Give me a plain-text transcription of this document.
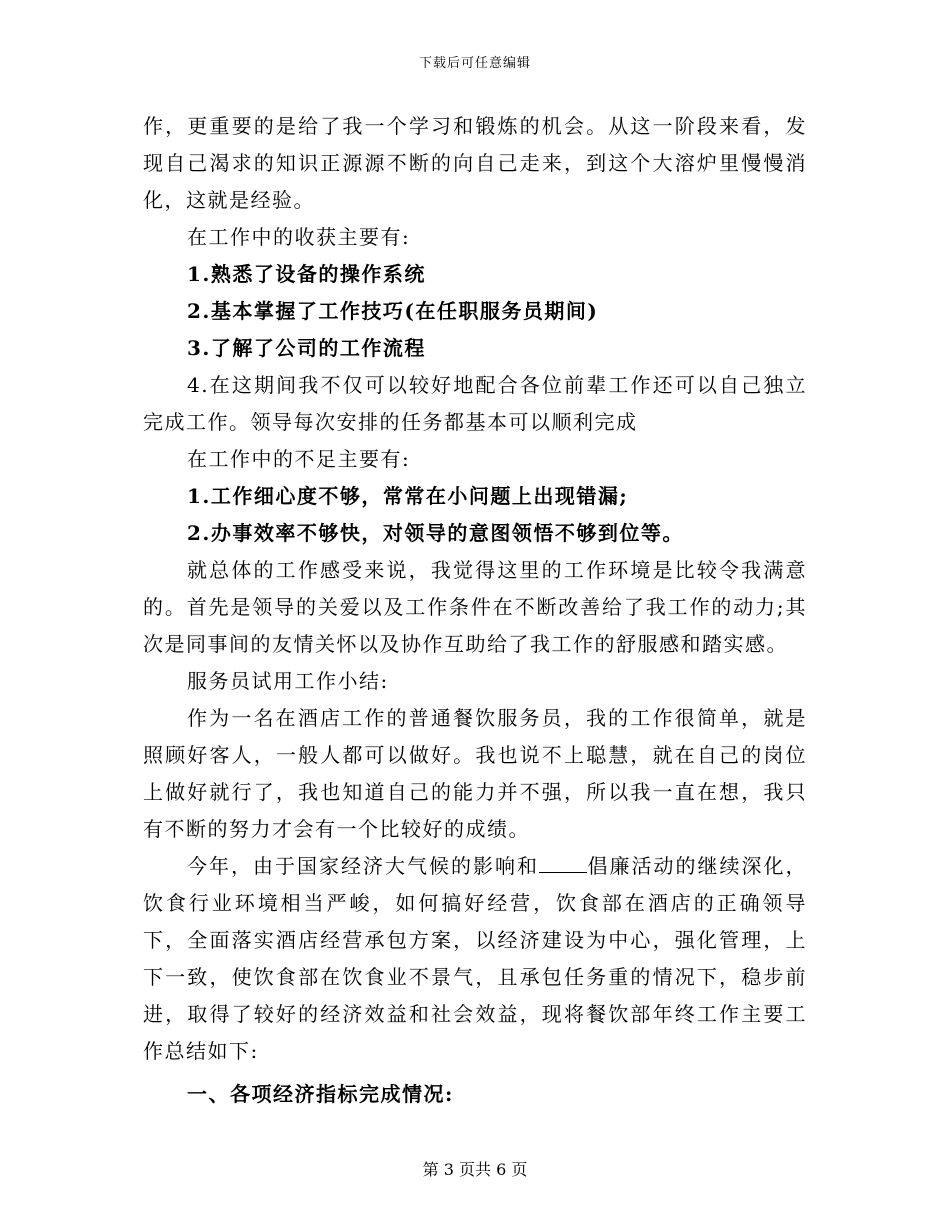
下载后可任意编辑

作，更重要的是给了我一个学习和锻炼的机会。从这一阶段来看，发现自己渴求的知识正源源不断的向自己走来，到这个大溶炉里慢慢消化，这就是经验。

在工作中的收获主要有:

1.熟悉了设备的操作系统

2.基本掌握了工作技巧(在任职服务员期间)

3.了解了公司的工作流程

4.在这期间我不仅可以较好地配合各位前辈工作还可以自己独立完成工作。领导每次安排的任务都基本可以顺利完成

在工作中的不足主要有:

1.工作细心度不够，常常在小问题上出现错漏;

2.办事效率不够快，对领导的意图领悟不够到位等。

就总体的工作感受来说，我觉得这里的工作环境是比较令我满意的。首先是领导的关爱以及工作条件在不断改善给了我工作的动力;其次是同事间的友情关怀以及协作互助给了我工作的舒服感和踏实感。

服务员试用工作小结:

作为一名在酒店工作的普通餐饮服务员，我的工作很简单，就是照顾好客人，一般人都可以做好。我也说不上聪慧，就在自己的岗位上做好就行了，我也知道自己的能力并不强，所以我一直在想，我只有不断的努力才会有一个比较好的成绩。

今年，由于国家经济大气候的影响和 倡廉活动的继续深化，饮食行业环境相当严峻，如何搞好经营，饮食部在酒店的正确领导下，全面落实酒店经营承包方案，以经济建设为中心，强化管理，上下一致，使饮食部在饮食业不景气，且承包任务重的情况下，稳步前进，取得了较好的经济效益和社会效益，现将餐饮部年终工作主要工作总结如下:

一、各项经济指标完成情况:

第 3 页共 6 页
